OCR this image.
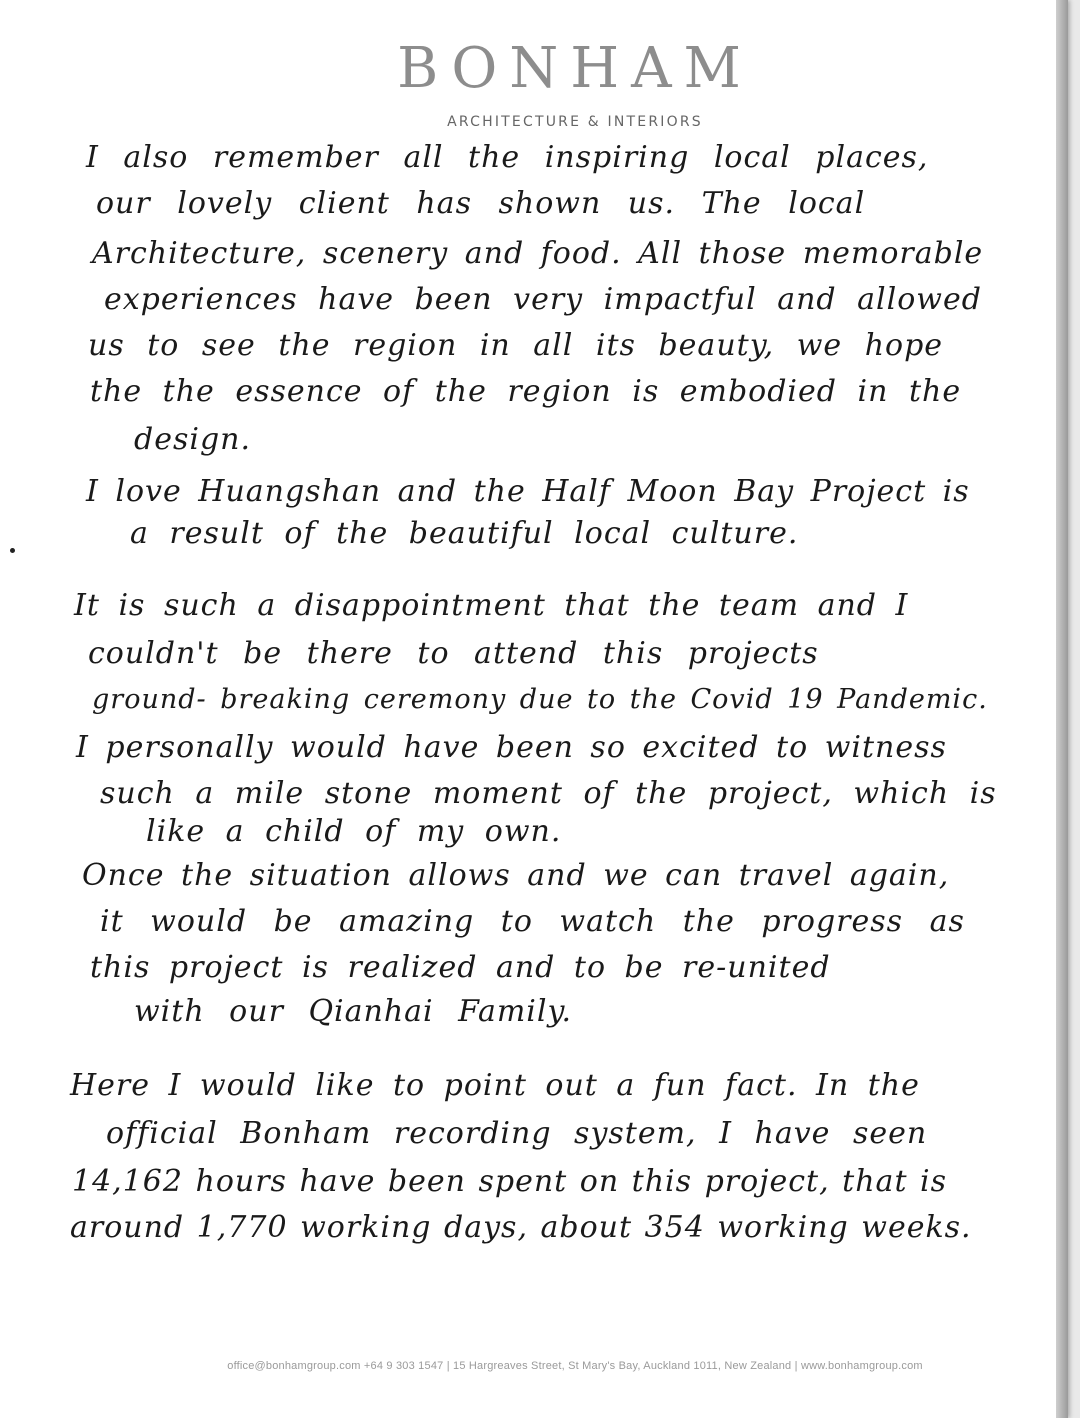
BONHAM
ARCHITECTURE & INTERIORS
I also remember all the inspiring local places,
our lovely client has shown us. The local
Architecture, scenery and food. All those memorable
experiences have been very impactful and allowed
us to see the region in all its beauty, we hope
the the essence of the region is embodied in the
design.
I love Huangshan and the Half Moon Bay Project is
a result of the beautiful local culture.
It is such a disappointment that the team and I
couldn't be there to attend this projects
ground- breaking ceremony due to the Covid 19 Pandemic.
I personally would have been so excited to witness
such a mile stone moment of the project, which is
like a child of my own.
Once the situation allows and we can travel again,
it would be amazing to watch the progress as
this project is realized and to be re-united
with our Qianhai Family.
Here I would like to point out a fun fact. In the
official Bonham recording system, I have seen
14,162 hours have been spent on this project, that is
around 1,770 working days, about 354 working weeks.
office@bonhamgroup.com +64 9 303 1547 | 15 Hargreaves Street, St Mary's Bay, Auckland 1011, New Zealand | www.bonhamgroup.com
